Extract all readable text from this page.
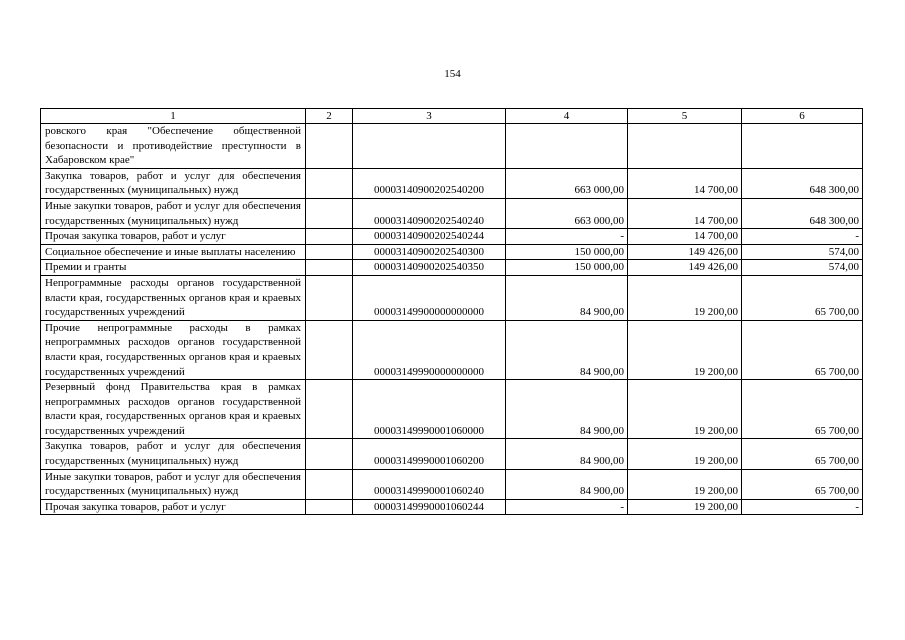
154
1	2	3	4	5	6
ровского края "Обеспечение общественной безопасности и противодействие преступности в Хабаровском крае"					
Закупка товаров, работ и услуг для обеспечения государственных (муниципальных) нужд		00003140900202540200	663 000,00	14 700,00	648 300,00
Иные закупки товаров, работ и услуг для обеспечения государственных (муниципальных) нужд		00003140900202540240	663 000,00	14 700,00	648 300,00
Прочая закупка товаров, работ и услуг		00003140900202540244	-	14 700,00	-
Социальное обеспечение и иные выплаты населению		00003140900202540300	150 000,00	149 426,00	574,00
Премии и гранты		00003140900202540350	150 000,00	149 426,00	574,00
Непрограммные расходы органов государственной власти края, государственных органов края и краевых государственных учреждений		00003149900000000000	84 900,00	19 200,00	65 700,00
Прочие непрограммные расходы в рамках непрограммных расходов органов государственной власти края, государственных органов края и краевых государственных учреждений		00003149990000000000	84 900,00	19 200,00	65 700,00
Резервный фонд Правительства края в рамках непрограммных расходов органов государственной власти края, государственных органов края и краевых государственных учреждений		00003149990001060000	84 900,00	19 200,00	65 700,00
Закупка товаров, работ и услуг для обеспечения государственных (муниципальных) нужд		00003149990001060200	84 900,00	19 200,00	65 700,00
Иные закупки товаров, работ и услуг для обеспечения государственных (муниципальных) нужд		00003149990001060240	84 900,00	19 200,00	65 700,00
Прочая закупка товаров, работ и услуг		00003149990001060244	-	19 200,00	-
